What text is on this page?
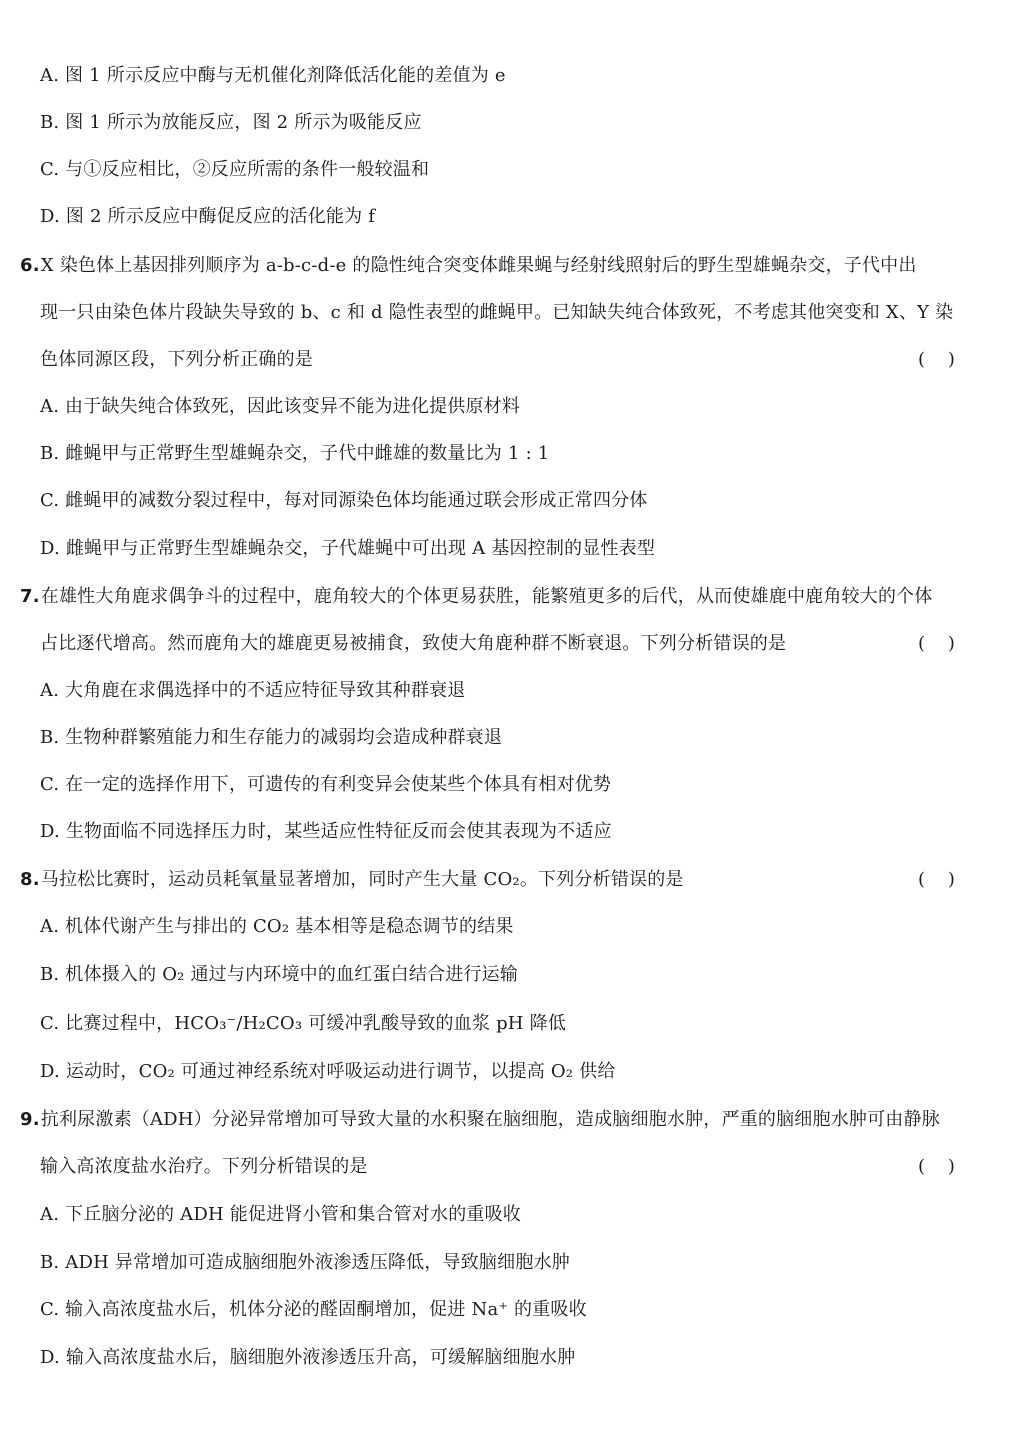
A. 图 1 所示反应中酶与无机催化剂降低活化能的差值为 e
B. 图 1 所示为放能反应，图 2 所示为吸能反应
C. 与①反应相比，②反应所需的条件一般较温和
D. 图 2 所示反应中酶促反应的活化能为 f
6.X 染色体上基因排列顺序为 a-b-c-d-e 的隐性纯合突变体雌果蝇与经射线照射后的野生型雄蝇杂交，子代中出
现一只由染色体片段缺失导致的 b、c 和 d 隐性表型的雌蝇甲。已知缺失纯合体致死，不考虑其他突变和 X、Y 染
色体同源区段，下列分析正确的是	(    )
A. 由于缺失纯合体致死，因此该变异不能为进化提供原材料
B. 雌蝇甲与正常野生型雄蝇杂交，子代中雌雄的数量比为 1 : 1
C. 雌蝇甲的减数分裂过程中，每对同源染色体均能通过联会形成正常四分体
D. 雌蝇甲与正常野生型雄蝇杂交，子代雄蝇中可出现 A 基因控制的显性表型
7.在雄性大角鹿求偶争斗的过程中，鹿角较大的个体更易获胜，能繁殖更多的后代，从而使雄鹿中鹿角较大的个体
占比逐代增高。然而鹿角大的雄鹿更易被捕食，致使大角鹿种群不断衰退。下列分析错误的是	(    )
A. 大角鹿在求偶选择中的不适应特征导致其种群衰退
B. 生物种群繁殖能力和生存能力的减弱均会造成种群衰退
C. 在一定的选择作用下，可遗传的有利变异会使某些个体具有相对优势
D. 生物面临不同选择压力时，某些适应性特征反而会使其表现为不适应
8.马拉松比赛时，运动员耗氧量显著增加，同时产生大量 CO₂。下列分析错误的是	(    )
A. 机体代谢产生与排出的 CO₂ 基本相等是稳态调节的结果
B. 机体摄入的 O₂ 通过与内环境中的血红蛋白结合进行运输
C. 比赛过程中，HCO₃⁻/H₂CO₃ 可缓冲乳酸导致的血浆 pH 降低
D. 运动时，CO₂ 可通过神经系统对呼吸运动进行调节，以提高 O₂ 供给
9.抗利尿激素（ADH）分泌异常增加可导致大量的水积聚在脑细胞，造成脑细胞水肿，严重的脑细胞水肿可由静脉
输入高浓度盐水治疗。下列分析错误的是	(    )
A. 下丘脑分泌的 ADH 能促进肾小管和集合管对水的重吸收
B. ADH 异常增加可造成脑细胞外液渗透压降低，导致脑细胞水肿
C. 输入高浓度盐水后，机体分泌的醛固酮增加，促进 Na⁺ 的重吸收
D. 输入高浓度盐水后，脑细胞外液渗透压升高，可缓解脑细胞水肿
